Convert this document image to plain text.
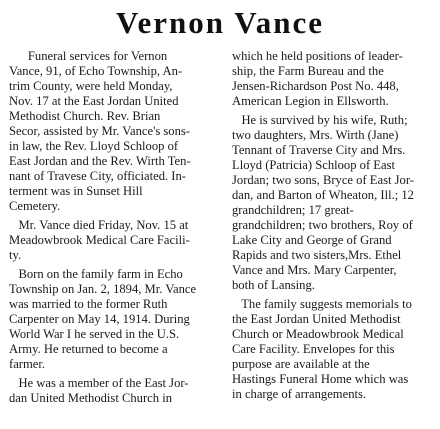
Vernon Vance
Funeral services for Vernon
Vance, 91, of Echo Township, An-
trim County, were held Monday,
Nov. 17 at the East Jordan United
Methodist Church. Rev. Brian
Secor, assisted by Mr. Vance's sons-
in law, the Rev. Lloyd Schloop of
East Jordan and the Rev. Wirth Ten-
nant of Travese City, officiated. In-
terment was in Sunset Hill
Cemetery.
Mr. Vance died Friday, Nov. 15 at
Meadowbrook Medical Care Facili-
ty.
Born on the family farm in Echo
Township on Jan. 2, 1894, Mr. Vance
was married to the former Ruth
Carpenter on May 14, 1914. During
World War I he served in the U.S.
Army. He returned to become a
farmer.
He was a member of the East Jor-
dan United Methodist Church in
which he held positions of leader-
ship, the Farm Bureau and the
Jensen-Richardson Post No. 448,
American Legion in Ellsworth.
He is survived by his wife, Ruth;
two daughters, Mrs. Wirth (Jane)
Tennant of Traverse City and Mrs.
Lloyd (Patricia) Schloop of East
Jordan; two sons, Bryce of East Jor-
dan, and Barton of Wheaton, Ill.; 12
grandchildren; 17 great-
grandchildren; two brothers, Roy of
Lake City and George of Grand
Rapids and two sisters,Mrs. Ethel
Vance and Mrs. Mary Carpenter,
both of Lansing.
The family suggests memorials to
the East Jordan United Methodist
Church or Meadowbrook Medical
Care Facility. Envelopes for this
purpose are available at the
Hastings Funeral Home which was
in charge of arrangements.
